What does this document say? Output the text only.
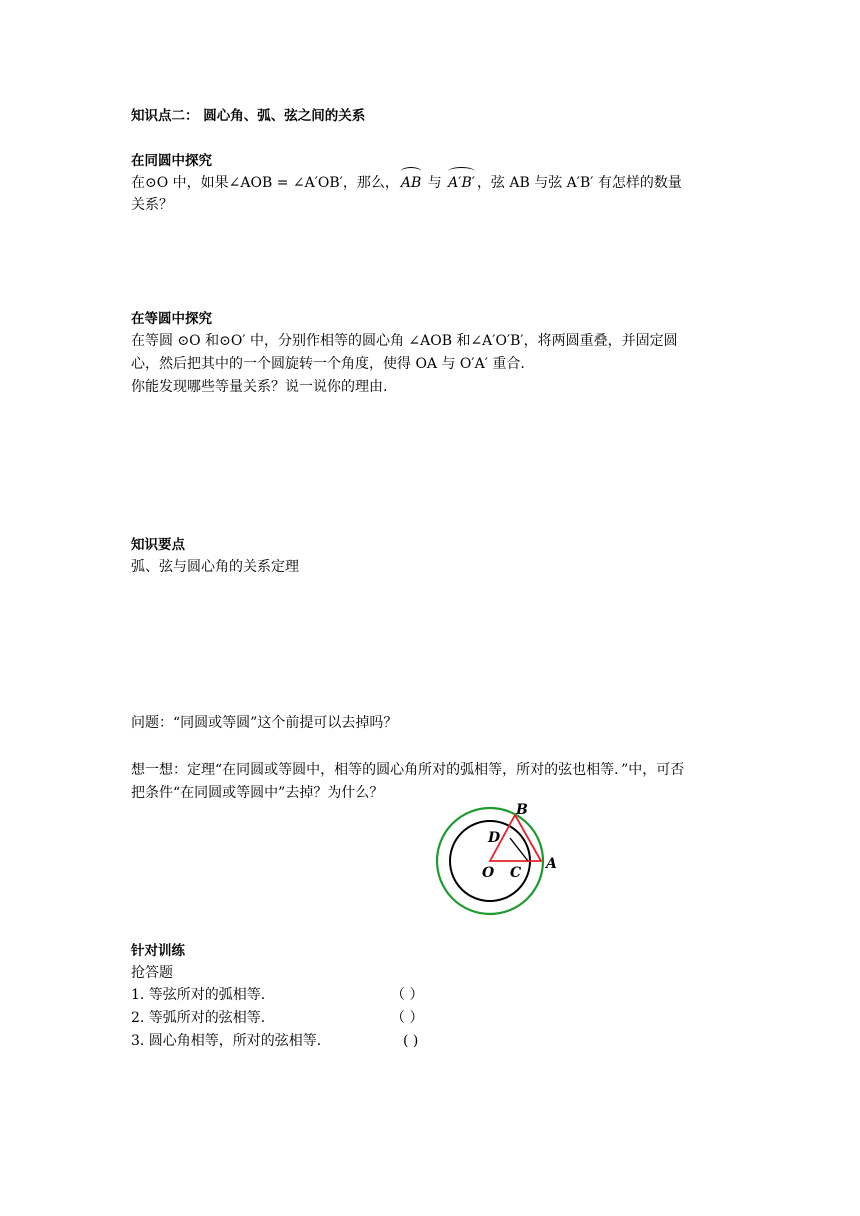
知识点二： 圆心角、弧、弦之间的关系
在同圆中探究
在⊙O 中，如果∠AOB = ∠A′OB′，那么， AB 与 A′B′ ，弦 AB 与弦 A′B′ 有怎样的数量
关系？
在等圆中探究
在等圆 ⊙O 和⊙O′ 中，分别作相等的圆心角 ∠AOB 和∠A′O′B′，将两圆重叠，并固定圆
心，然后把其中的一个圆旋转一个角度，使得 OA 与 O′A′ 重合.
你能发现哪些等量关系？说一说你的理由.
知识要点
弧、弦与圆心角的关系定理
问题：“同圆或等圆”这个前提可以去掉吗？
想一想：定理“在同圆或等圆中，相等的圆心角所对的弧相等，所对的弦也相等．”中，可否
把条件“在同圆或等圆中”去掉？为什么？
B
D
O C
A
针对训练
抢答题
1. 等弦所对的弧相等.	（ ）
2. 等弧所对的弦相等.	（ ）
3. 圆心角相等，所对的弦相等.	( )
